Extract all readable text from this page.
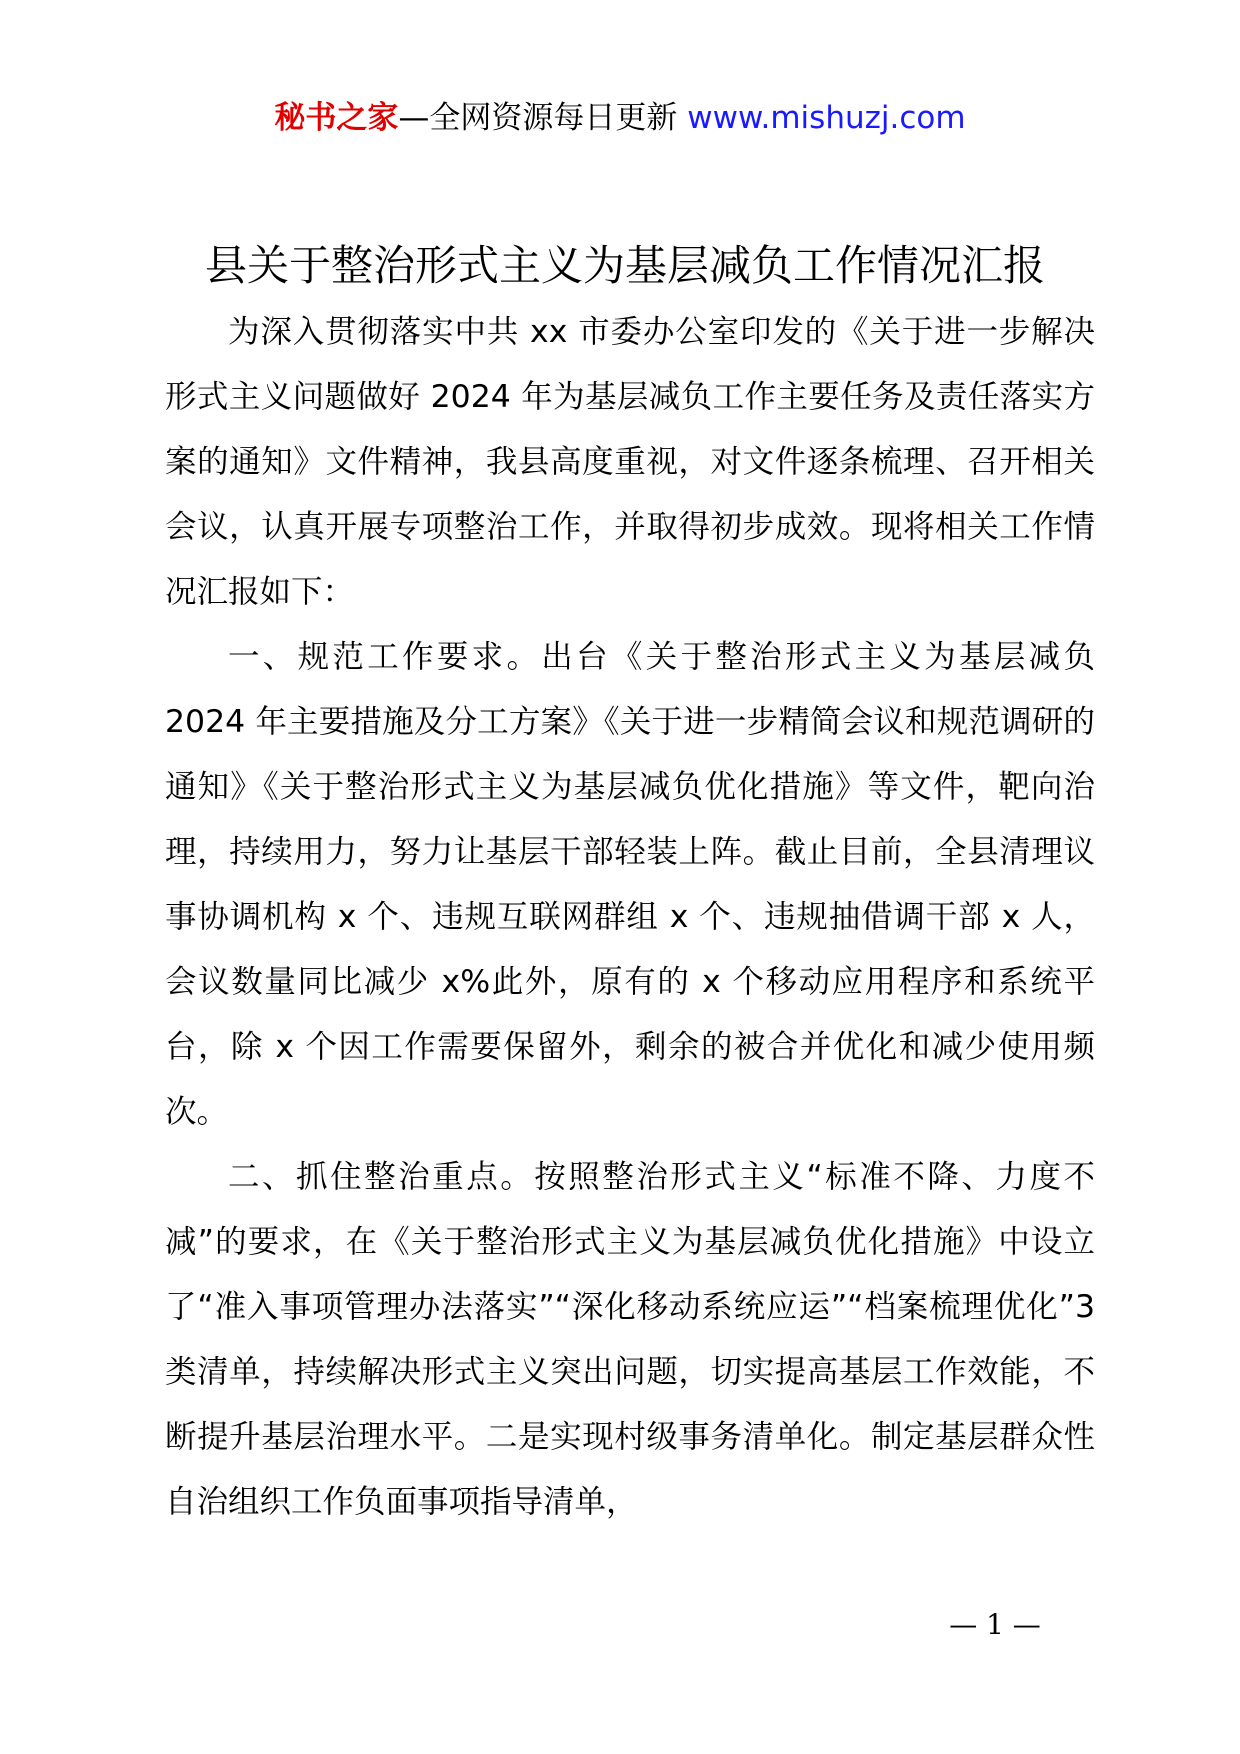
秘书之家—全网资源每日更新 www.mishuzj.com
县关于整治形式主义为基层减负工作情况汇报

为深入贯彻落实中共 xx 市委办公室印发的《关于进一步解决形式主义问题做好 2024 年为基层减负工作主要任务及责任落实方案的通知》文件精神，我县高度重视，对文件逐条梳理、召开相关会议，认真开展专项整治工作，并取得初步成效。现将相关工作情况汇报如下：

一、规范工作要求。出台《关于整治形式主义为基层减负 2024 年主要措施及分工方案》《关于进一步精简会议和规范调研的通知》《关于整治形式主义为基层减负优化措施》等文件，靶向治理，持续用力，努力让基层干部轻装上阵。截止目前，全县清理议事协调机构 x 个、违规互联网群组 x 个、违规抽借调干部 x 人，会议数量同比减少 x%此外，原有的 x 个移动应用程序和系统平台，除 x 个因工作需要保留外，剩余的被合并优化和减少使用频次。

二、抓住整治重点。按照整治形式主义“标准不降、力度不减”的要求，在《关于整治形式主义为基层减负优化措施》中设立了“准入事项管理办法落实”“深化移动系统应运”“档案梳理优化”3 类清单，持续解决形式主义突出问题，切实提高基层工作效能，不断提升基层治理水平。二是实现村级事务清单化。制定基层群众性自治组织工作负面事项指导清单，

— 1 —
